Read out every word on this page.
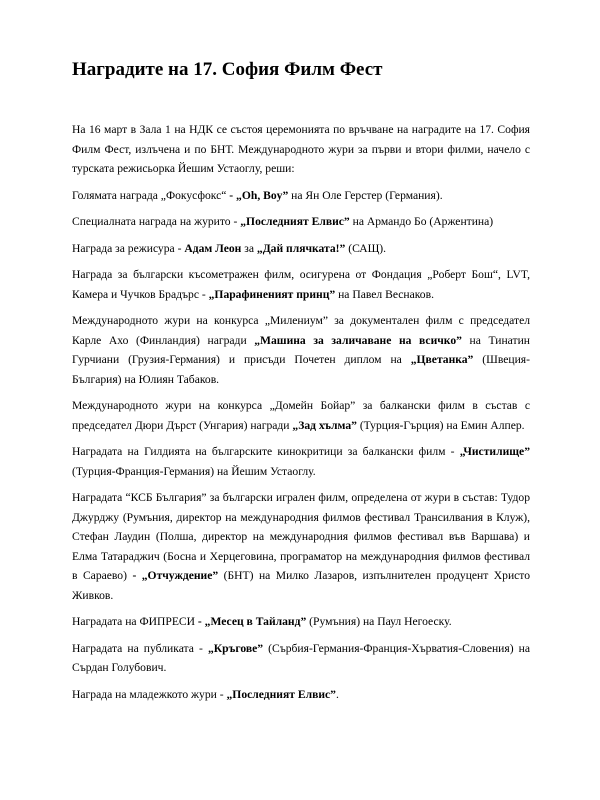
Наградите на 17. София Филм Фест

На 16 март в Зала 1 на НДК се състоя церемонията по връчване на наградите на 17. София Филм Фест, излъчена и по БНТ. Международното жури за първи и втори филми, начело с турската режисьорка Йешим Устаоглу, реши:

Голямата награда „Фокусфокс“ - „Oh, Boy” на Ян Оле Герстер (Германия).

Специалната награда на журито - „Последният Елвис” на Армандо Бо (Аржентина)

Награда за режисура - Адам Леон за „Дай плячката!” (САЩ).

Награда за български късометражен филм, осигурена от Фондация „Роберт Бош“, LVT, Камера и Чучков Брадърс - „Парафиненият принц” на Павел Веснаков.

Международното жури на конкурса „Милениум” за документален филм с председател Карле Ахо (Финландия) награди „Машина за заличаване на всичко” на Тинатин Гурчиани (Грузия-Германия) и присъди Почетен диплом на „Цветанка” (Швеция-България) на Юлиян Табаков.

Международното жури на конкурса „Домейн Бойар” за балкански филм в състав с председател Дюри Дърст (Унгария) награди „Зад хълма” (Турция-Гърция) на Емин Алпер.

Наградата на Гилдията на българските кинокритици за балкански филм - „Чистилище” (Турция-Франция-Германия) на Йешим Устаоглу.

Наградата “КСБ България” за български игрален филм, определена от жури в състав: Тудор Джурджу (Румъния, директор на международния филмов фестивал Трансилвания в Клуж), Стефан Лаудин (Полша, директор на международния филмов фестивал във Варшава) и Елма Татараджич (Босна и Херцеговина, програматор на международния филмов фестивал в Сараево) - „Отчуждение” (БНТ) на Милко Лазаров, изпълнителен продуцент Христо Живков.

Наградата на ФИПРЕСИ - „Месец в Тайланд” (Румъния) на Паул Негоеску.

Наградата на публиката - „Кръгове” (Сърбия-Германия-Франция-Хърватия-Словения) на Сърдан Голубович.

Награда на младежкото жури - „Последният Елвис”.
